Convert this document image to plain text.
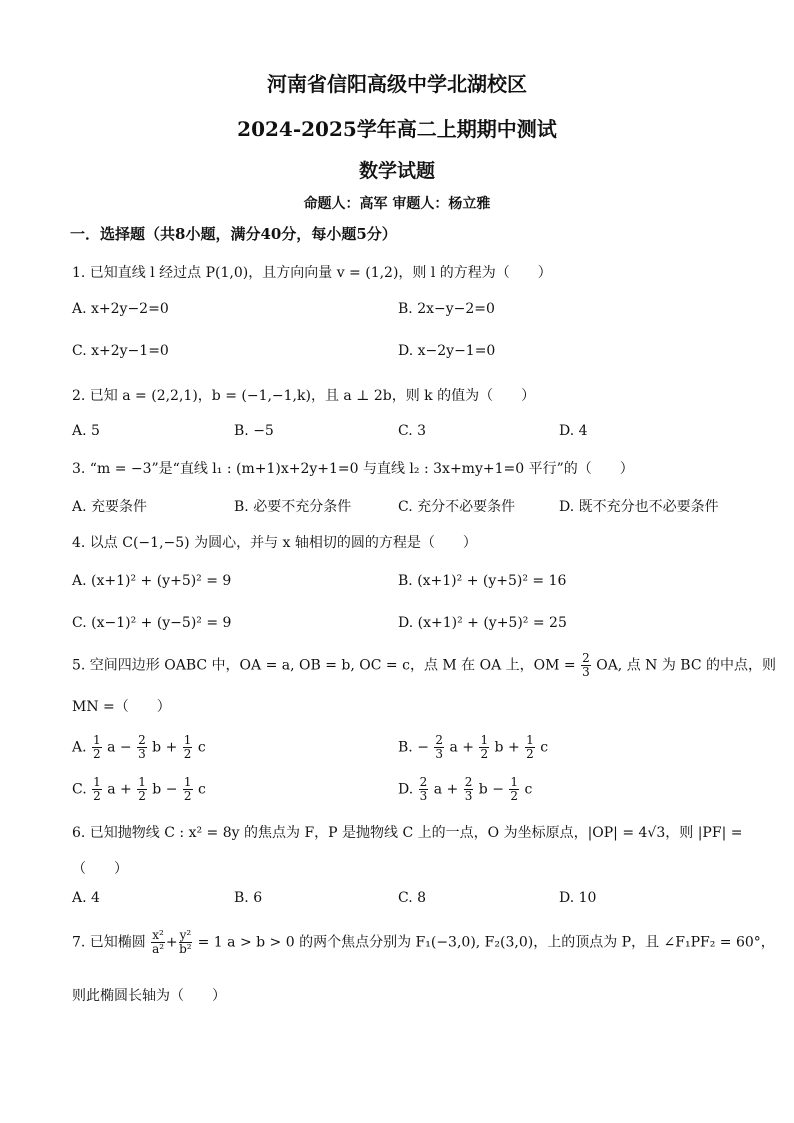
河南省信阳高级中学北湖校区
2024-2025学年高二上期期中测试
数学试题
命题人：高军 审题人：杨立雅
一．选择题（共8小题，满分40分，每小题5分）
1. 已知直线 l 经过点 P(1,0)，且方向向量 v = (1,2)，则 l 的方程为（　　）
A. x+2y−2=0	B. 2x−y−2=0
C. x+2y−1=0	D. x−2y−1=0
2. 已知 a = (2,2,1)，b = (−1,−1,k)，且 a ⊥ 2b，则 k 的值为（　　）
A. 5	B. −5	C. 3	D. 4
3. “m = −3”是“直线 l₁ : (m+1)x+2y+1=0 与直线 l₂ : 3x+my+1=0 平行”的（　　）
A. 充要条件	B. 必要不充分条件	C. 充分不必要条件	D. 既不充分也不必要条件
4. 以点 C(−1,−5) 为圆心，并与 x 轴相切的圆的方程是（　　）
A. (x+1)² + (y+5)² = 9	B. (x+1)² + (y+5)² = 16
C. (x−1)² + (y−5)² = 9	D. (x+1)² + (y+5)² = 25
5. 空间四边形 OABC 中，OA = a, OB = b, OC = c，点 M 在 OA 上，OM = $\frac{2}{3}$ OA, 点 N 为 BC 的中点，则
MN =（　　）
A. $\frac{1}{2}$ $a - \frac{2}{3}$ $b + \frac{1}{2}$ c	B. − $\frac{2}{3}$ $a + \frac{1}{2}$ $b + \frac{1}{2}$ c
C. $\frac{1}{2}$ $a + \frac{1}{2}$ $b - \frac{1}{2}$ c	D. $\frac{2}{3}$ $a + \frac{2}{3}$ $b - \frac{1}{2}$ c
6. 已知抛物线 C : x² = 8y 的焦点为 F，P 是抛物线 C 上的一点，O 为坐标原点，|OP| = 4√3，则 |PF| =
（　　）
A. 4	B. 6	C. 8	D. 10
7. 已知椭圆 $\frac{\text{x²}}{\text{a²}} + \frac{\text{y²}}{\text{b²}} = 1$ a > b > 0 的两个焦点分别为 F₁(−3,0), F₂(3,0)，上的顶点为 P，且 ∠F₁PF₂ = 60°，
则此椭圆长轴为（　　）
